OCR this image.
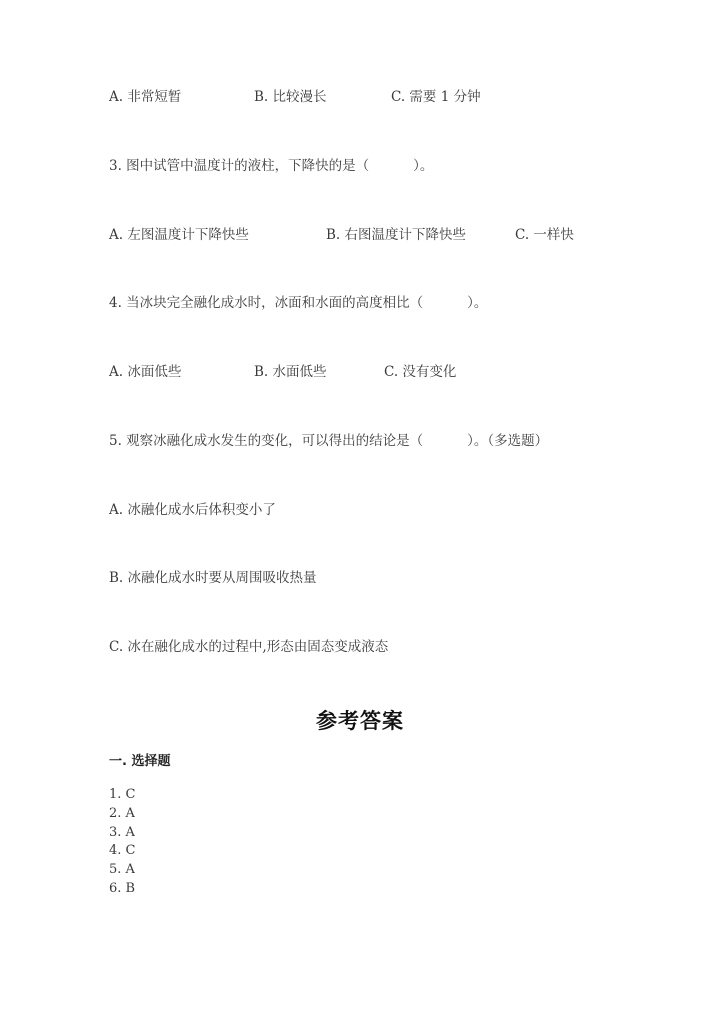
A. 非常短暂	B. 比较漫长	C. 需要 1 分钟
3. 图中试管中温度计的液柱，下降快的是（	）。
A. 左图温度计下降快些	B. 右图温度计下降快些	C. 一样快
4. 当冰块完全融化成水时，冰面和水面的高度相比（	）。
A. 冰面低些	B. 水面低些	C. 没有变化
5. 观察冰融化成水发生的变化，可以得出的结论是（	）。（多选题）
A. 冰融化成水后体积变小了
B. 冰融化成水时要从周围吸收热量
C. 冰在融化成水的过程中,形态由固态变成液态
参考答案
一. 选择题
1. C
2. A
3. A
4. C
5. A
6. B
